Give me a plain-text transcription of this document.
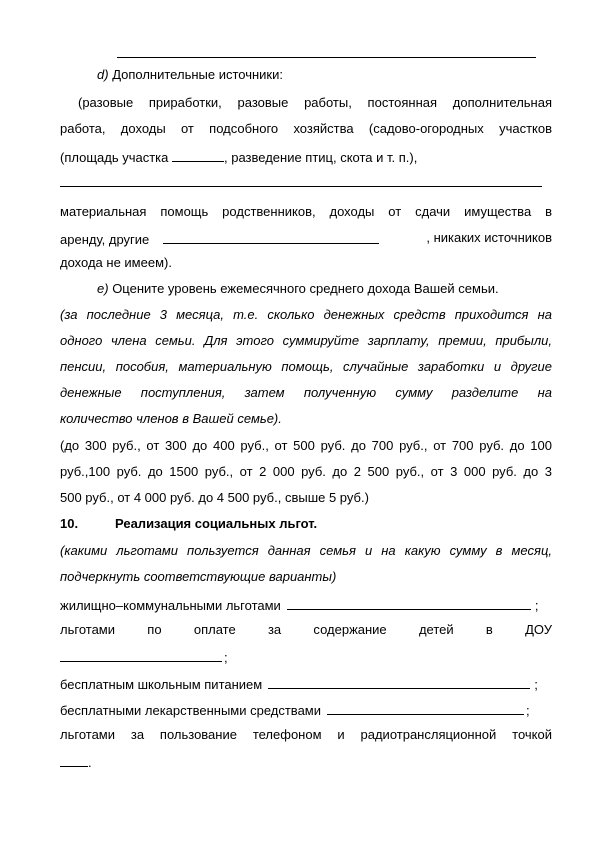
d) Дополнительные источники:
(разовые приработки, разовые работы, постоянная дополнительная
работа, доходы от подсобного хозяйства (садово-огородных участков
(площадь участка	, разведение птиц, скота и т. п.),
материальная помощь родственников, доходы от сдачи имущества в
аренду, другие	, никаких источников
дохода не имеем).
e) Оцените уровень ежемесячного среднего дохода Вашей семьи.
(за последние 3 месяца, т.е. сколько денежных средств приходится на
одного члена семьи. Для этого суммируйте зарплату, премии, прибыли,
пенсии, пособия, материальную помощь, случайные заработки и другие
денежные поступления, затем полученную сумму разделите на
количество членов в Вашей семье).
(до 300 руб., от 300 до 400 руб., от 500 руб. до 700 руб., от 700 руб. до 100
руб.,100 руб. до 1500 руб., от 2 000 руб. до 2 500 руб., от 3 000 руб. до 3
500 руб., от 4 000 руб. до 4 500 руб., свыше 5 руб.)
10.	Реализация социальных льгот.
(какими льготами пользуется данная семья и на какую сумму в месяц,
подчеркнуть соответствующие варианты)
жилищно–коммунальными льготами	;
льготами по оплате за содержание детей в ДОУ
;
бесплатным школьным питанием	;
бесплатными лекарственными средствами	;
льготами за пользование телефоном и радиотрансляционной точкой
.
